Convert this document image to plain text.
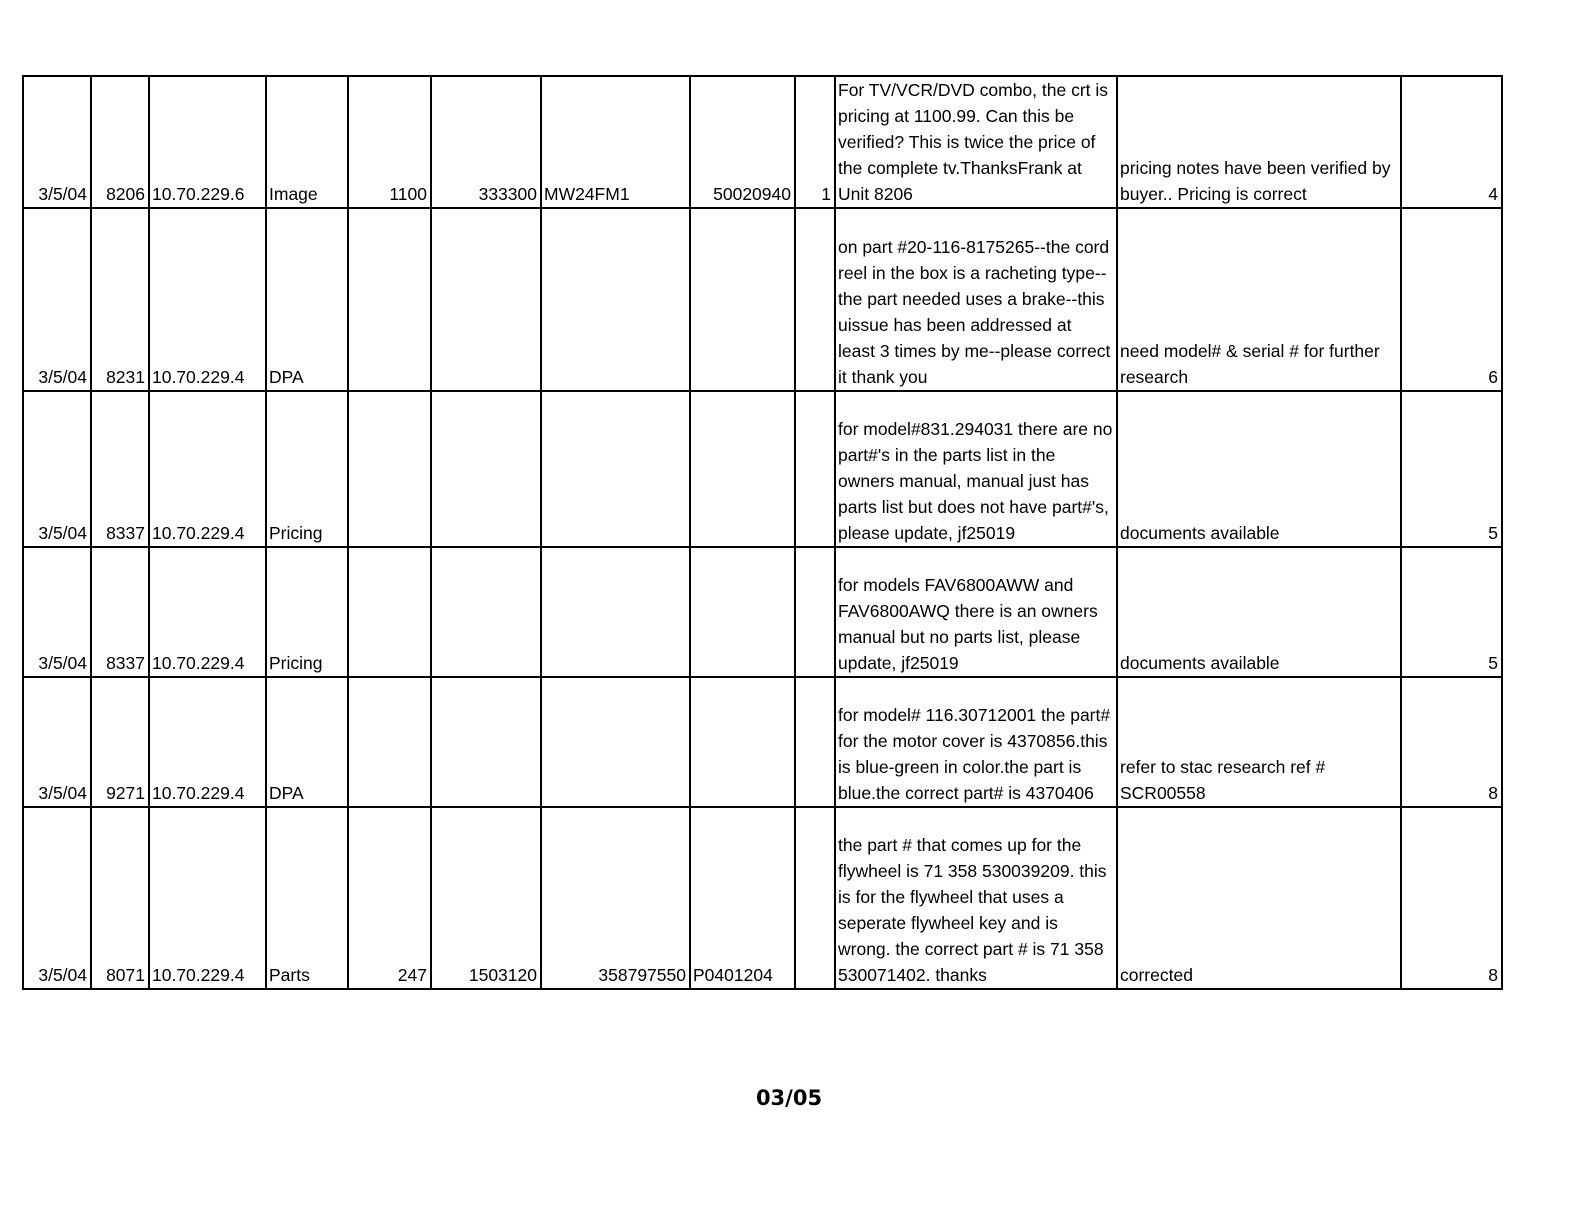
3/5/04	8206	10.70.229.6	Image	1100	333300	MW24FM1	50020940	1	For TV/VCR/DVD combo, the crt is pricing at 1100.99. Can this be verified? This is twice the price of the complete tv.ThanksFrank at Unit 8206	pricing notes have been verified by buyer.. Pricing is correct	4
3/5/04	8231	10.70.229.4	DPA						on part #20-116-8175265--the cord reel in the box is a racheting type--the part needed uses a brake--this uissue has been addressed at least 3 times by me--please correct it thank you	need model# & serial # for further research	6
3/5/04	8337	10.70.229.4	Pricing						for model#831.294031 there are no part#'s in the parts list in the owners manual, manual just has parts list but does not have part#'s, please update, jf25019	documents available	5
3/5/04	8337	10.70.229.4	Pricing						for models FAV6800AWW and FAV6800AWQ there is an owners manual but no parts list, please update, jf25019	documents available	5
3/5/04	9271	10.70.229.4	DPA						for model# 116.30712001 the part# for the motor cover is 4370856.this is blue-green in color.the part is blue.the correct part# is 4370406	refer to stac research ref # SCR00558	8
3/5/04	8071	10.70.229.4	Parts	247	1503120	358797550	P0401204		the part # that comes up for the flywheel is 71 358 530039209. this is for the flywheel that uses a seperate flywheel key and is wrong. the correct part # is 71 358 530071402. thanks	corrected	8
03/05
